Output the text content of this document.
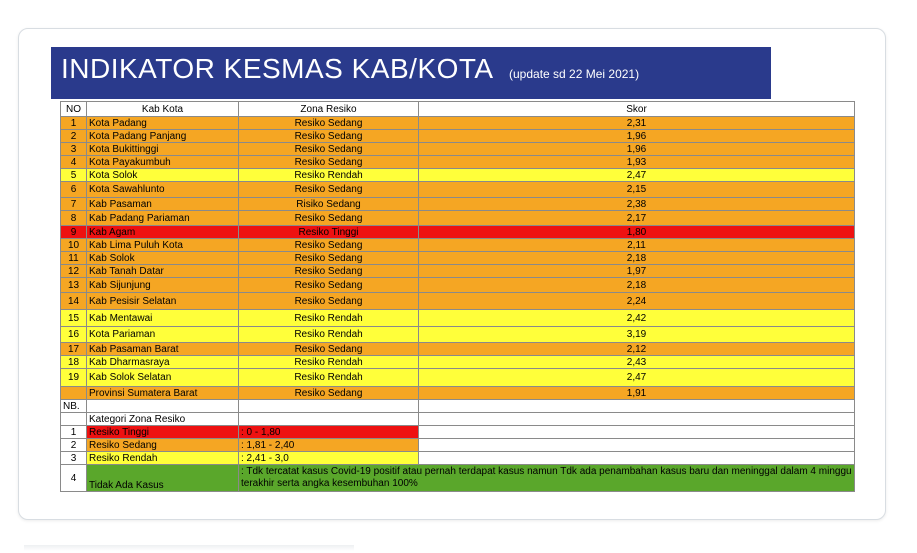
INDIKATOR KESMAS KAB/KOTA (update sd 22 Mei 2021)
NO	Kab Kota	Zona Resiko	Skor
1	Kota Padang	Resiko Sedang	2,31
2	Kota Padang Panjang	Resiko Sedang	1,96
3	Kota Bukittinggi	Resiko Sedang	1,96
4	Kota Payakumbuh	Resiko Sedang	1,93
5	Kota Solok	Resiko Rendah	2,47
6	Kota Sawahlunto	Resiko Sedang	2,15
7	Kab Pasaman	Risiko Sedang	2,38
8	Kab Padang Pariaman	Resiko Sedang	2,17
9	Kab Agam	Resiko Tinggi	1,80
10	Kab Lima Puluh Kota	Resiko Sedang	2,11
11	Kab Solok	Resiko Sedang	2,18
12	Kab Tanah Datar	Resiko Sedang	1,97
13	Kab Sijunjung	Resiko Sedang	2,18
14	Kab Pesisir Selatan	Resiko Sedang	2,24
15	Kab Mentawai	Resiko Rendah	2,42
16	Kota Pariaman	Resiko Rendah	3,19
17	Kab Pasaman Barat	Resiko Sedang	2,12
18	Kab Dharmasraya	Resiko Rendah	2,43
19	Kab Solok Selatan	Resiko Rendah	2,47
	Provinsi Sumatera Barat	Resiko Sedang	1,91
NB.			
	Kategori Zona Resiko		
1	Resiko Tinggi	: 0 - 1,80	
2	Resiko Sedang	: 1,81 - 2,40	
3	Resiko Rendah	: 2,41 - 3,0	
4	Tidak Ada Kasus	: Tdk tercatat kasus Covid-19 positif atau pernah terdapat kasus namun Tdk ada penambahan kasus baru dan meninggal dalam 4 minggu terakhir serta angka kesembuhan 100%	
